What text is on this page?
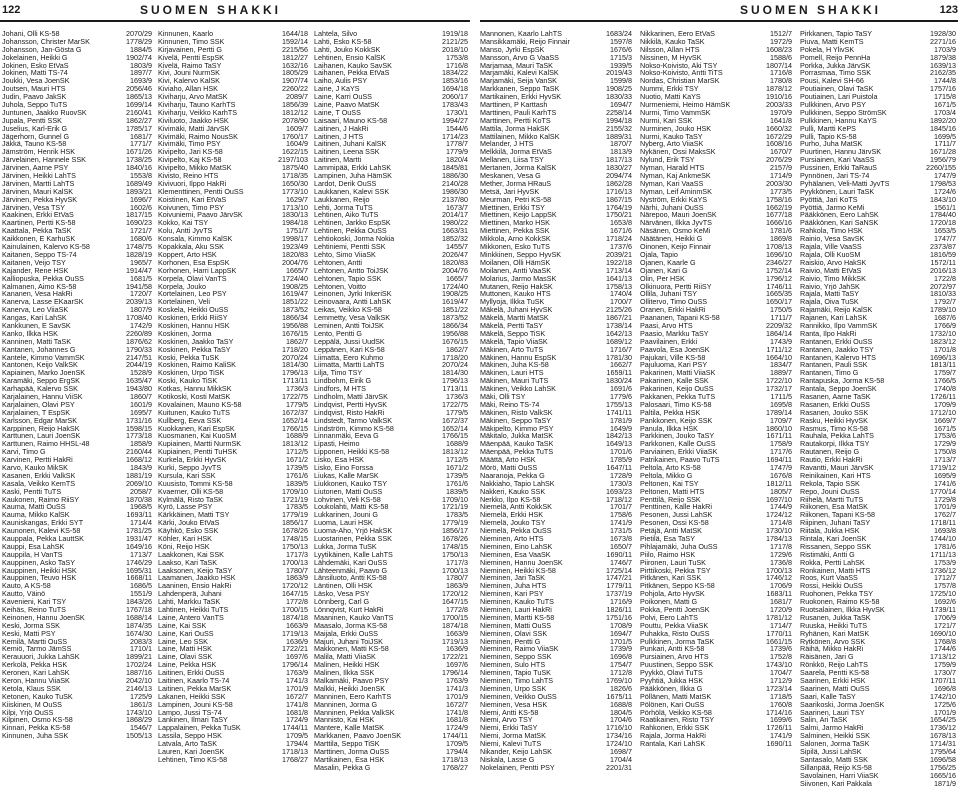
122	SUOMEN SHAKKI
Johani, Olli KS-58	2070/29
Johansson, Christer MarSK	1778/29
Johansson, Jan-Gösta G	1884/5
Jokelainen, Heikki G	1902/74
Jokinen, Esko EtVaS	1803/9
Jokinen, Matti TS-74	1897/7
Joukki, Vesa JoenSK	1693/9
Joutsen, Mauri HTS	2056/46
Judin, Paavo JakSK	1865/13
Juhola, Seppo TuTS	1699/14
Juntunen, Jaakko RuovSK	2160/41
Jupala, Pentti SSK	1862/27
Juselius, Karl-Erik G	1785/17
Jägerhorn, Gunnel G	1681/7
Jäkkä, Tauno KS-58	1771/7
Jämström, Henrik HSK	1671/26
Järvelainen, Hannele SSK	1738/25
Järvinen, Aarne PSY	1840/16
Järvinen, Heikki LahTS	1553/8
Järvinen, Martti LahTS	1689/49
Järvinen, Mauri KalSK	1893/21
Järvinen, Pekka HyvSK	1696/7
Järvinen, Vesa TSY	1602/6
Kaakinen, Erkki EtVaS	1817/15
Kaartinen, Pertti KS-58	1690/23
Kaattala, Pekka TaSK	1721/7
Kaikkonen, E KarhuSK	1680/6
Kainulainen, Kalervo KS-58	1748/75
Kaitanen, Seppo TS-74	1828/19
Kaitanen, Veijo TSY	1965/7
Kajander, Rene HSK	1914/47
Kalliopuska, Pekka OuSS	1681/5
Kalmanen, Aimo KS-58	1941/58
Kananen, Vesa HakRi	1720/7
Kanerva, Lasse EKaarSK	2039/13
Kanerva, Leo ViiaSK	1807/9
Kangas, Kari LahSK	1708/40
Kankkunen, E SavSK	1742/9
Kanko, Ilkka HSK	2260/89
Kanninen, Matti TaSK	1876/62
Kantanen, Johannes G	1790/33
Kantele, Kimmo VammSK	2147/51
Kantonen, Keijo ValkSK	2044/19
Kapiainen, Marko JoenSK	1528/9
Karamäki, Seppo ErgSK	1635/47
Karhapää, Kalervo SSK	1943/80
Karjalainen, Hannu ViiSK	1860/7
Karjalainen, Olavi PSY	1601/9
Karjalainen, T EspSK	1695/7
Karlsson, Edgar MarSK	1731/16
Karppinen, Reijo HakSK	1598/15
Karttunen, Lauri JoenSK	1773/18
Karttunen, Raimo HHSL-48	1858/9
Karvi, Timo G	2160/44
Karvinen, Pertti HakRi	1668/12
Karvo, Kauko MikSK	1843/9
Kasanen, Erkki ValkSK	1881/19
Kasala, Veikko KemTS	2069/10
Kaski, Pentti TuTS	2058/7
Kaukonen, Raimo RiiSY	1870/38
Kauma, Matti OuSS	1968/5
Kauma, Mikko KalSK	1693/11
Kauniskangas, Erkki SYT	1714/4
Kaunonen, Kalevi KS-58	1781/25
Kauppala, Pekka LauttSK	1931/47
Kauppi, Esa LahSK	1649/16
Kauppila, H VanTS	1713/7
Kauppinen, Asko TaSY	1746/29
Kauppinen, Heikki HSK	1695/31
Kauppinen, Teuvo HSK	1668/11
Kauto, A KS-58	1686/5
Kautto, Väinö	1551/9
Kavenieni, Kari TSY	1843/26
Keihäs, Reino TuTS	1767/18
Keinonen, Hannu JoenSK	1688/14
Keski, Jorma SSK	1874/35
Keski, Matti PSY	1674/30
Kemilä, Martti OuSS	2083/3
Kemiö, Tarmo JämSS	1710/1
Kerauuori, Jukka LahSK	1899/21
Kerkolä, Pekka HSK	1702/24
Keronen, Kari LahSK	1887/16
Keron, Hannu ViiaSK	2042/10
Ketola, Klaus SSK	2146/13
Ketonen, Kauko TuSK	1725/9
Kiiskinen, M OuSS	1861/3
Kilpi, Yrjö OuSS	1743/10
Kilpinen, Osmo KS-58	1868/29
Kinnari, Pekka KS-58	1546/7
Kinnunen, Juha SSK	1505/13
Kinnunen, Kaarlo	1644/18
Kinnunen, Timo SSK	1592/14
Kirjavainen, Pertti G	2215/56
Kivelä, Pentti EspSK	1812/27
Kivelä, Raimo TaSY	1632/16
Kivi, Jouni NurmSK	1805/29
Kivi, Kalervo KalSK	1907/74
Kiviaho, Allan HSK	2260/22
Kiviharju, Arvo MatSK	2089/7
Kiviharju, Tauno KarhTS	1856/39
Kiviharju, Veikko KarhTS	1812/12
Kiviluoto, Jaakko HSK	2078/90
Kivimäki, Matti JärvSK	1609/7
Kivimäki, Raimo NousSK	1760/17
Kivimäki, Timo PSY	1604/9
Kivipelto, Jari KS-58	1622/15
Kivipelto, Kaj KS-58	2197/103
Kivipelto, Mikko MatSK	1875/40
Kivisto, Reino HTS	1718/35
Kivivuori, Ilppo HakRi	1650/30
Klementtinen, Pentti OuSS	1773/10
Koistinen, Kari EtVaS	1629/7
Koivunen, Timo PSY	1713/10
Koivuniemi, Paavo JärvSK	1830/13
Kokko, Kai TSY	1984/18
Kolu, Antti JyvTS	1751/7
Konsala, Kimmo KalSK	1998/17
Kopakkala, Aku SSK	1923/49
Koppert, Arto HSK	1820/83
Korhonen, Esa EspSK	2004/76
Korhonen, Harri LappSK	1665/7
Korpela, Olavi VanTS	1724/40
Korpela, Jouko	1908/25
Kortelainen, Leo PSY	1619/47
Kortelainen, Veli	1851/22
Koskela, Heikki OuSS	1873/52
Koskinen, Erkki RiiSY	1866/34
Koskinen, Hannu HSK	1956/88
Koskinen, Jorma	1676/15
Koskinen, Jaakko TaSY	1862/7
Koskinen, Pekka TaSY	1718/20
Koski, Pekka TuSK	2070/24
Koskinen, Raimo KaliSK	1814/30
Koskinen, Urpo TiSK	1796/13
Koski, Kauko TiSK	1713/11
Kotkas, Hannu MikkSK	1736/3
Kotikoski, Kosti MatSK	1722/75
Kovalainen, Mauno KS-58	1779/5
Kuitunen, Kauko TuTS	1672/37
Kullberg, Eeva SSK	1652/14
Kuokkanen, Kari EspSK	1766/15
Kuosmanen, Kai KuoSM	1688/9
Kupiainen, Martti NurmSK	1813/12
Kupiainen, Pentti TuHSK	1712/5
Kurkela, Erkki HyvSK	1671/2
Kurki, Seppo JyvTS	1739/5
Kursula, Kari SSK	1761/6
Kuusisto, Tommi KS-58	1839/5
Kvaerner, Olli KS-58	1709/10
Kylmälä, Risto TaSK	1721/19
Kyrö, Lasse PSY	1783/5
Kärkkäinen, Matti TSY	1779/19
Kärki, Jouko EtVaS	1856/17
Käyhkö, Esko SSK	1678/26
Köhler, Kari HSK	1748/15
Köni, Reijo HSK	1750/13
Laakkonen, Kai SSK	1717/3
Laakso, Kari TaSK	1700/13
Laaksonen, Keijo TaSY	1780/7
Laamanen, Jaakko HSK	1863/9
Laaninen, Ensio HakRi	1720/12
Lahdenperä, Juhani	1647/15
Lahti, Markku TaSK	1772/8
Lahtinen, Heikki TuTS	1700/15
Laine, Antero VanTS	1874/18
Laine, Kai SSK	1663/9
Laine, Kari OuSS	1719/13
Laine, Leo SSK	1636/9
Laine, Matti HSK	1722/21
Laine, Olavi SSK	1697/6
Laine, Pekka HSK	1796/14
Laitinen, Erkki OuSS	1763/9
Laitinen, Kaarlo TS-74	1741/3
Laitinen, Pekka MarSK	1701/9
Lakanen, Heikki SSK	1672/7
Lampinen, Jouni KS-58	1741/8
Lampo, Jussi TS-74	1681/8
Lankinen, Ilmari TaSY	1724/9
Lappalainen, Pekka TuSK	1744/11
Lassila, Seppo HSK	1709/5
Latvala, Arto TaSK	1794/4
Lauren, Kari JoenSK	1718/13
Lehtinen, Timo KS-58	1768/27
Lahtela, Silvo	1919/18
Lahti, Esko KS-58	2121/25
Lahti, Jouko KokkSK	2018/10
Lehtinen, Ensio KalSK	1753/8
Laihanen, Kauko SavSK	1716/8
Laihanen, Pekka EtVaS	1834/22
Laiho, Aulis PSY	1853/16
Laine, J KaYS	1694/18
Laine, Karri OuSS	2060/17
Laine, Paavo MatSK	1783/43
Laine, T OuSS	1730/1
Laisaari, Mauno KS-58	1994/27
Laitinen, J HakRi	1544/6
Laitinen, J HTS	1714/23
Laitinen, Juhani KalSK	1778/7
Laitinen, Leena SSK	1779/9
Laitinen, Martti	1820/4
Lammipää, Erkki LahSK	1845/81
Lampinen, Juha HämSK	1886/30
Lardot, Derik OuSS	2140/28
Laukkanen, Kalevi SSK	1986/30
Laukkanen, Reijo	2137/80
Lehti, Jorma TuTS	1673/7
Lehtinen, Aiko TuTS	2014/17
Lehtinen, Jarkko EspSK	1980/22
Lehtinen, Pekka OuSS	1663/31
Lehtiokoski, Jorma Nokia	1852/32
Lehtiniemi, Pentti SSK	1455/7
Lehto, Simo ViiaSK	2026/47
Lehtonen, Antti	1820/83
Lehtonen, Antto ToiJSK	2004/76
Lehtonen, Tapio SSK	1665/7
Lehtonen, Voitto	1724/40
Leinonen, Jyrki InkeriSK	1908/25
Leinovaara, Antti LahSK	1619/47
Leikas, Veikko KS-58	1851/22
Lemmetty, Vesa ValkSK	1873/52
Leminen, Antti ToiJSK	1866/34
Lento, Pentti G	1956/88
Leppälä, Jussi UudSK	1676/15
Leppänen, Kari KS-58	1862/7
Liimatta, Eero Kuhmo	1718/20
Liimatta, Martti LahTS	2070/24
Lilja, Timo TSY	1814/30
Lindbohm, Eirik G	1796/13
Lindfors, M HTS	1713/11
Lindholm, Matti JärvSK	1736/3
Lindqvist, Pertti HyvSK	1722/75
Lindqvist, Risto HakRi	1779/5
Lindstedt, Tarmo ValkSK	1672/37
Lindström, Kimmo KS-58	1652/14
Linnanmäki, Eeva G	1766/15
Lipasti, Heimo	1688/9
Lipponen, Heikki KS-58	1813/12
Lisko, Esa HSK	1712/5
Lisko, Eino Forssa	1671/2
Liukas, Kalle MarSK	1739/5
Liukkonen, Kauko TSY	1761/6
Liutonen, Matti OuSS	1839/5
Lohvinen, Veli KS-58	1709/10
Loukolahti, Matti KS-58	1721/19
Lukkarinen, Jouni G	1783/5
Luoma, Lauri HSK	1779/19
Luoma-Aho, Yrjö HakSK	1856/17
Luostarinen, Pekka SSK	1678/26
Lukka, Jorma TuSK	1748/15
Lyytikäinen, Kalle LahTS	1750/13
Lähdemäki, Kari OuSS	1717/3
Lähteenmäki, Paavo G	1700/13
Länsiluoto, Antti KS-58	1780/7
Läntinen, Olli HSK	1863/9
Läsko, Vesa PSY	1720/12
Lönnberg, Carl G	1647/15
Lönnqvist, Kurt HakRi	1772/8
Maaninen, Kauko VanTS	1700/15
Maasalo, Jorma KS-58	1874/18
Maijala, Erkki OuSS	1663/9
Majuri, Juhani ToiJSK	1719/13
Makkonen, Matti KS-58	1636/9
Malila, Matti ViiaSK	1722/21
Malinen, Heikki HSK	1697/6
Malinen, Ilkka SSK	1796/14
Malkamäki, Paavo PSY	1763/9
Malkki, Heikki JoenSK	1741/3
Manninen, Eero KarhTS	1701/9
Manninen, Jorma G	1672/7
Manninen, Pekka ValkSK	1741/8
Mannisto, Kai HSK	1681/8
Mantere, Kalle MatSK	1724/9
Markkanen, Paavo JoenSK	1744/11
Marttila, Seppo TiSK	1709/5
Marttinen, Jorma OuSS	1794/4
Martikainen, Esa HSK	1718/13
Masalin, Pekka G	1768/27
SUOMEN SHAKKI	123
Mannonen, Kaarlo LahTS	1683/24
Mansikkamäki, Reijo Finnair	1597/8
Manso, Jyrki EspSK	1676/6
Mansson, Arvo G VaaSS	1715/3
Marjamaa, Mauri TaSK	1939/5
Marjamäki, Kalevi KalSK	2019/43
Marjamäki, Seija VanSK	1599/8
Markkanen, Seppo TaSK	1908/25
Martikainen, Erkki HyvSK	1830/33
Marttinen, P Karttash	1694/7
Marttinen, Pauli KarhTS	2258/14
Marttinen, Pertti KoTS	1994/18
Mattila, Jorma HakSK	2155/32
Mattilainen, Mikko KalSK	1889/31
Melander, J HTS	1870/7
Melkkilä, Jorma EtVaS	1813/9
Mellanen, Liisa TSY	1817/13
Mertanen, Jorma KalSK	1830/27
Meskanen, Vesa G	2094/74
Mether, Jorma HRauS	1862/28
Metsä, Jari HyvSK	1716/13
Meurman, Petri KS-58	1867/15
Miettinen, Erkki TSY	1764/19
Miettinen, Keijo LappSK	1750/21
Miettinen, Marko HSK	1653/8
Miettinen, Pekka SSK	1671/6
Mikkola, Arno KokkSK	1718/24
Mikkonen, Esko TuTS	1737/6
Minkkinen, Seppo HyvSK	2039/21
Moilanen, Olli HämSK	1922/18
Moilanen, Antti VaaSK	1713/14
Molarius, Jarmo MasSK	1641/13
Mutanen, Reijo HakSK	1758/13
Muttonen, Kauko HTS	1740/4
Myllyoja, Ilkka TuSK	1700/7
Mäkelä, Juhani HyvSK	2125/26
Mäkelä, Martti MatSK	1867/21
Mäkelä, Pertti TaSY	1738/14
Mäkelä, Seppo TiSK	1642/13
Mäkelä, Tapio ViiaSK	1689/12
Mäkinen, Arto TuTS	1716/7
Mäkinen, Hannu EspSK	1781/30
Mäkinen, Juha KS-58	1662/7
Mäkinen, Lauri HTS	1659/11
Mäkinen, Mauri TuTS	1830/24
Mäkinen, Veikko LahSK	1691/6
Mäki, Olli TSY	1779/6
Mäki, Reino TS-74	1755/13
Mäkinen, Risto ValkSK	1741/11
Mäkinen, Seppo TaSY	1781/9
Mäkipelto, Kimmo PSY	1649/9
Mäkitalo, Jukka MatSK	1842/13
Mäenpää, Kauko TaSK	1649/13
Mäenpää, Pekka TuTS	1701/6
Määttä, Arto HSK	1785/9
Mörö, Matti OuSS	1647/11
Naaranoja, Pekka G	1728/9
Nakkiaho, Tapio LahSK	1730/3
Nakkeri, Kauko SSK	1693/23
Nerkko, Ilpo KS-58	1718/12
Niemelä, Antti KokkSK	1701/7
Niemelä, Erkki HSK	1758/6
Niemelä, Jouko TSY	1741/9
Niemelä, Pekka OuSS	1731/5
Nieminen, Arto HTS	1673/8
Nieminen, Eino LahSK	1650/7
Nieminen, Esa VaaSK	1690/11
Nieminen, Hannu JoenSK	1746/7
Nieminen, Heikki KS-58	1725/14
Nieminen, Jari TaSK	1747/21
Nieminen, Juha HTS	1779/11
Nieminen, Kari PSY	1737/19
Nieminen, Kauko TuTS	1716/9
Nieminen, Lauri HakRi	1826/11
Nieminen, Martti KS-58	1751/16
Nieminen, Matti OuSS	1708/9
Nieminen, Olavi SSK	1694/7
Nieminen, Pentti G	1701/5
Nieminen, Raimo ViiaSK	1739/9
Nieminen, Seppo SSK	1696/8
Nieminen, Sulo HTS	1754/7
Nieminen, Tapio TuSK	1712/8
Nieminen, Timo LahTS	1769/10
Nieminen, Urpo SSK	1826/6
Nieminen, Veikko OuSS	1675/11
Nieminen, Vesa HSK	1688/8
Niemi, Antti KS-58	1804/5
Niemi, Arvo TSY	1704/6
Niemi, Erkki TaSY	1716/10
Niemi, Jorma MatSK	1734/16
Niemi, Kalevi TuTS	1724/10
Nikander, Keijo LahSK	1698/7
Niskala, Lasse G	1704/4
Nokelainen, Pentti PSY	2201/31
Nikkarinen, Eero EtVaS	1512/7
Nikkilä, Kauko TaSK	1972/9
Nilsson, Allan HTS	1608/23
Nissinen, M HyvSK	1588/6
Nokso-Koivisto, Aki TSY	1807/14
Nokso-Koivisto, Antti TiTS	1716/8
Nordas, Christian MarSK	1780/8
Nummi, Erkki TSY	1878/12
Nuotio, Matti KaYS	1910/16
Nurmeniemi, Heimo HämSK	2003/33
Nurmi, Timo VammSK	1970/9
Nurmi, Kari SSK	1641/8
Nurminen, Jouko HSK	1660/32
Nurmi, Kauko TaSY	1672/29
Nyberg, Arto ViiaSK	1608/16
Nykänen, Ossi MaksSK	1670/7
Nylund, Erik TSY	2076/29
Nyman, Harald HTS	2157/9
Nyman, Kaj AnkmeSK	1714/9
Nyman, Kari VaaSS	2003/30
Nyman, Leif AminmSK	1773/5
Nyström, Erkki KaYS	1758/16
Närhi, Juhani OuSS	1662/19
Närepoo, Mauri JoenSK	1677/18
Närvänen, Ilkka JyvTS	1666/16
Näsänen, Osmo KeMi	1781/6
Näätänen, Heikki G	1869/8
Oinonen, Keijo Finnair	1708/13
Ojala, Tapio	1696/10
Ojanen, Kaarle G	2346/27
Ojanen, Kari G	1752/14
Olin, Per HSK	1796/12
Olkinuora, Pertti RiiSY	1746/11
Ollila, Juhani TSY	1665/35
Ollitervo, Timo OuSS	1650/17
Oranen, Erkki HakRi	1750/5
Paananen, Tapani KS-58	1711/7
Paasi, Arvo HTS	2209/32
Paasio, Markku TaSY	1864/14
Paavilainen, Erkki	1743/9
Paavola, Esa JoenSK	1711/12
Pajukari, Ville KS-58	1664/10
Pajuluoma, Kari PSY	1834/7
Pakarinen, Matti ViiaSK	1889/7
Pakarinen, Kalle SSK	1722/10
Pakarinen, Keijo OuSS	1732/17
Pakkanen, Pekka TuTS	1711/5
Palosaari, Timo KS-58	1695/8
Paltila, Pekka HSK	1789/14
Pankkonen, Keijo SSK	1709/7
Panula, Ilkka HSK	1860/10
Parkkinen, Jouko TaSY	1671/11
Parkkonen, Kalle OuSS	1758/9
Parviainen, Erkki ViiaSK	1717/6
Patrikainen, Paavo TuTS	1694/11
Peltola, Arto KS-58	1747/9
Peltola, Mikko G	1676/8
Peltonen, Kai TSY	1812/11
Peltonen, Matti HTS	1805/7
Penttilä, Reijo SSK	1697/10
Penttinen, Kalle HakRi	1744/9
Pesonen, Jussi LahSK	1724/12
Pesonen, Ossi KS-58	1714/8
Petäjä, Antti MatSK	1730/10
Pietilä, Esa TaSY	1784/13
Pihlajamäki, Juha OuSS	1717/8
Piilo, Raimo HSK	1729/6
Piironen, Lauri TuSK	1736/8
Pirttikoski, Pekka TSY	1700/13
Pitkänen, Kari SSK	1746/12
Pitkänen, Seppo KS-58	1706/9
Pohjola, Arto HyvSK	1683/11
Poikonen, Matti G	1681/7
Pokka, Pentti JoenSK	1720/9
Polvi, Eero LahTS	1781/12
Pouttu, Pekka ViiaSK	1714/7
Puhakka, Risto OuSS	1770/11
Pulkkinen, Jorma TaSK	1661/15
Punkari, Antti KS-58	1739/6
Pursiainen, Arvo HTS	1752/8
Puustinen, Seppo SSK	1743/10
Pyykkö, Olavi TuTS	1704/7
Pyyhtiä, Jukka HSK	1712/9
Pääkkönen, Ilkka G	1723/14
Pöllänen, Matti MatSK	1718/5
Pölönen, Kari OuSS	1760/8
Pörhölä, Veikko KS-58	1714/16
Raatikainen, Risto TSY	1699/6
Rahkonen, Erkki SSK	1726/11
Rajala, Jorma HakRi	1741/9
Rantala, Kari LahSK	1690/11
Pirkkanen, Tapio TaSY	1928/30
Piuva, Matti KemTS	2271/16
Pokela, H YlivSK	1703/9
Pomell, Reijo PennHa	1879/38
Porkka, Jukka JärvSK	1639/13
Porrasmaa, Timo SSK	2162/35
Pousi, Kalevi SH-66	1744/8
Poutiainen, Olavi TaSK	1757/16
Poutiainen, Lari Puistola	1715/8
Pulkkinen, Arvo PSY	1671/5
Pulkkinen, Seppo StrömSK	1703/4
Pulkkinen, Hannu KaYS	1892/20
Pulli, Martti KePS	1845/16
Pulli, Tapio KS-58	1699/5
Purho, Juha MatSK	1711/7
Puurtinen, Hannu JärvSK	1671/28
Pursiainen, Kari VaaSS	1956/79
Pussinen, Erkki TaRauS	2260/155
Pynnönen, Jari TS-74	1747/9
Pyhälanen, Veli-Matti JyvTS	1798/53
Pyykkönen, Lauri TaSK	1724/6
Pyöttiä, Jari KoTS	1843/10
Pyöttiä, Jarmo KeMi	1561/1
Pääkkönen, Eero LahSK	1784/40
Pääkkönen, Kari SaNSK	1720/18
Rahkola, Timo HSK	1653/5
Rainio, Vesa SavSK	1747/7
Rajala, Ville VaaSS	2373/87
Rajala, Olli KuoSM	1816/59
Raiskio, Arvo HakSK	1572/11
Raivio, Matti EtVaS	2016/13
Raivio, Timo MikkSK	1722/8
Raivio, Yrjö JahSK	2072/97
Rajala, Matti TaSY	1810/33
Rajala, Oiva TuSK	1792/7
Rajamäki, Reijo KalSK	1789/10
Rajanen, Kari LahSK	1687/6
Rannikko, Ilpo VammSK	1766/9
Ranta, Ilpo HakRi	1732/10
Rantanen, Erkki OuSS	1823/12
Rantanen, Jaakko TSY	1701/8
Rantanen, Kalervo HTS	1696/13
Rantanen, Pauli SSK	1813/11
Rantanen, Timo G	1759/7
Rantapuska, Jorma KS-58	1766/5
Rantala, Seppo JoenSK	1740/8
Rasanen, Aarne TaSK	1726/11
Rasanen, Erkki OuSS	1709/9
Rasanen, Jouko SSK	1712/10
Rasku, Heikki HyvSK	1669/7
Rasmus, Timo KS-58	1671/5
Rauhala, Pekka LahTS	1753/6
Rautakorpi, Ilkka TSY	1729/9
Rautanen, Reijo G	1750/8
Rautio, Erkki HakRi	1713/7
Ravantti, Mauri JärvSK	1719/12
Reinikainen, Kari HTS	1695/9
Rekola, Tapio SSK	1741/6
Repo, Jouni OuSS	1770/14
Riihelä, Martti TuTS	1729/8
Riikonen, Esa MatSK	1701/9
Riikonen, Tapani KS-58	1762/7
Riipinen, Juhani TaSY	1718/11
Riitala, Jukka HSK	1693/8
Rintala, Kari JoenSK	1744/10
Rissanen, Seppo SSK	1781/6
Ristimäki, Antti G	1711/13
Rokka, Pertti LahSK	1753/9
Ronkainen, Matti HTS	1736/12
Roos, Kurt VaaSS	1712/7
Rossi, Heikki OuSS	1757/8
Ruohonen, Pekka TSY	1725/10
Ruokonen, Raimo KS-58	1692/6
Ruotsalainen, Ilkka HyvSK	1739/11
Rusanen, Jukka TaSK	1706/9
Ruuska, Heikki TuTS	1721/7
Ryhänen, Kari MatSK	1690/10
Rytkönen, Arvo SSK	1768/8
Räihä, Mikko HakRi	1744/6
Räisänen, Jari G	1713/12
Rönkkö, Reijo LahTS	1759/9
Saarela, Pentti KS-58	1730/7
Saarinen, Erkki HSK	1707/11
Saarinen, Matti OuSS	1696/8
Saari, Kalle TaSY	1742/10
Saarikoski, Jorma JoenSK	1725/6
Saarinen, Lauri TSY	1701/9
Salin, Ari TaSK	1654/25
Salmi, Jarmo HakRi	1736/12
Salminen, Heikki SSK	1678/13
Salonen, Jorma TaSK	1714/31
Sipilä, Jussi LahSK	1795/64
Santasalo, Matti SSK	1696/58
Sillanpää, Reijo KS-58	1756/25
Savolainen, Harri ViiaSK	1665/16
Siivonen, Kari Pakkala	1871/9
